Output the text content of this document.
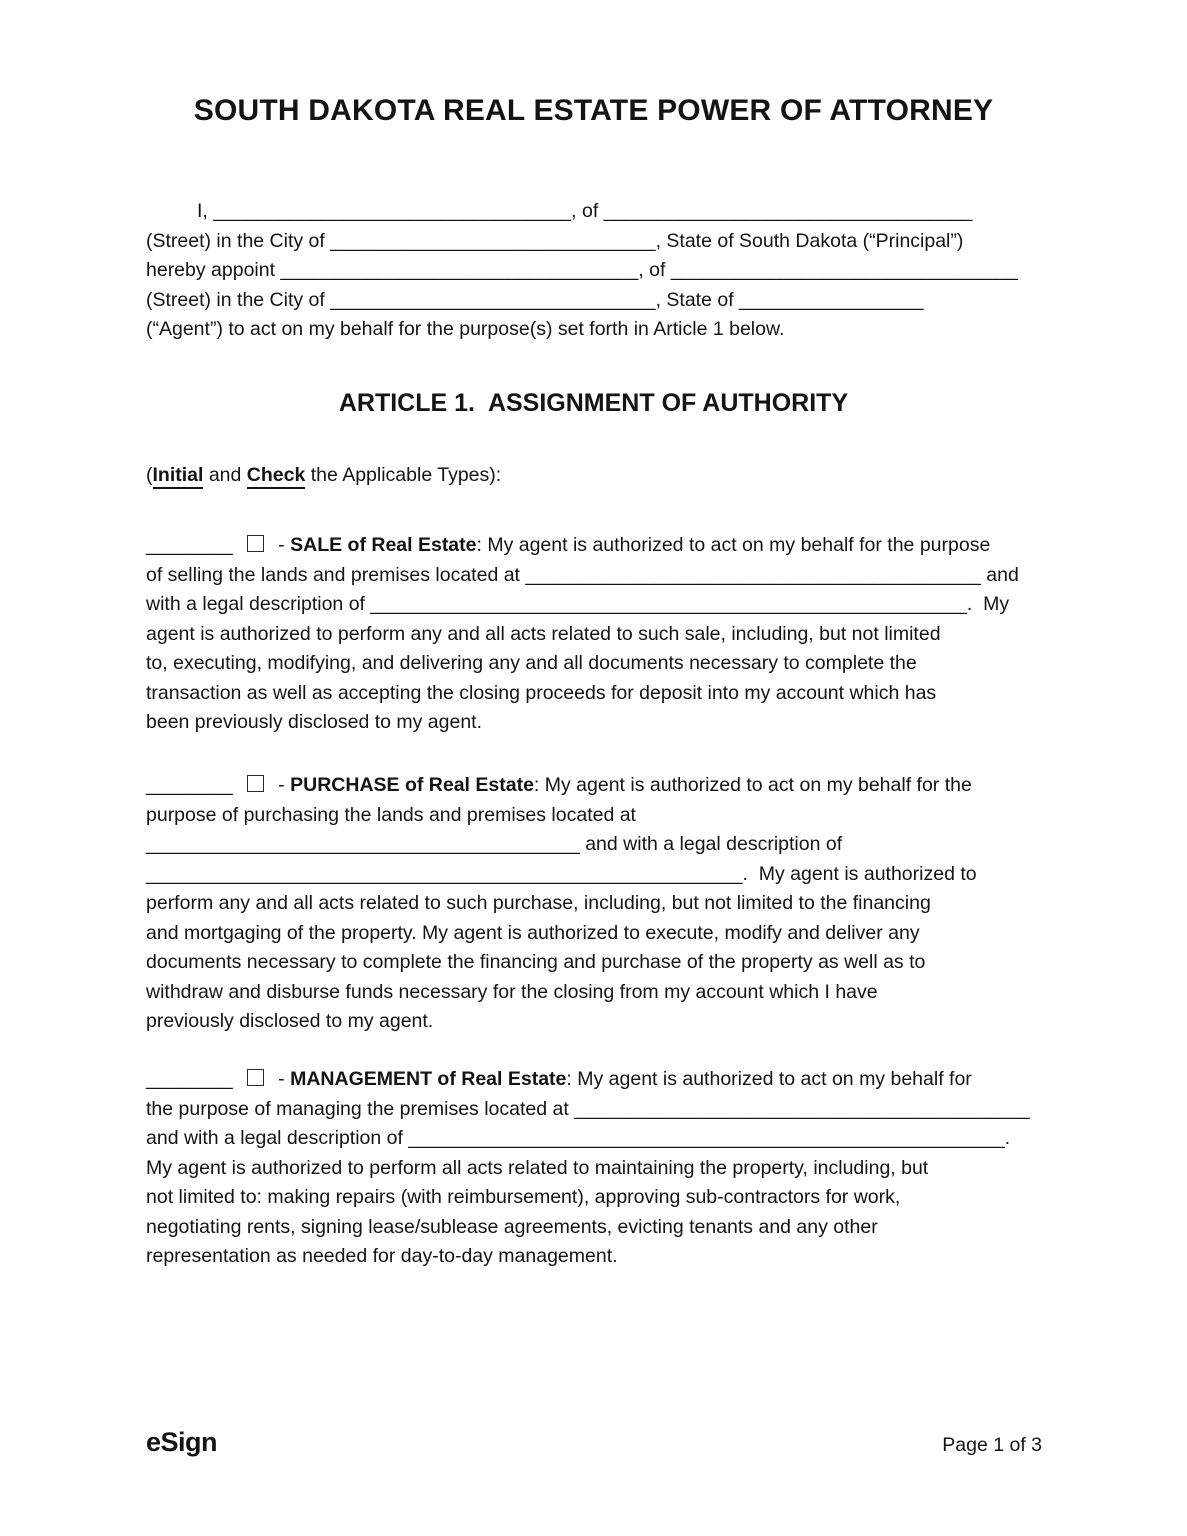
SOUTH DAKOTA REAL ESTATE POWER OF ATTORNEY
I, _________________________________, of __________________________________
(Street) in the City of ______________________________, State of South Dakota (“Principal”)
hereby appoint _________________________________, of ________________________________
(Street) in the City of ______________________________, State of _________________
(“Agent”) to act on my behalf for the purpose(s) set forth in Article 1 below.
ARTICLE 1.  ASSIGNMENT OF AUTHORITY
(Initial and Check the Applicable Types):
________ - SALE of Real Estate: My agent is authorized to act on my behalf for the purpose
of selling the lands and premises located at __________________________________________ and
with a legal description of _______________________________________________________.  My
agent is authorized to perform any and all acts related to such sale, including, but not limited
to, executing, modifying, and delivering any and all documents necessary to complete the
transaction as well as accepting the closing proceeds for deposit into my account which has
been previously disclosed to my agent.
________ - PURCHASE of Real Estate: My agent is authorized to act on my behalf for the
purpose of purchasing the lands and premises located at
________________________________________ and with a legal description of
_______________________________________________________.  My agent is authorized to
perform any and all acts related to such purchase, including, but not limited to the financing
and mortgaging of the property. My agent is authorized to execute, modify and deliver any
documents necessary to complete the financing and purchase of the property as well as to
withdraw and disburse funds necessary for the closing from my account which I have
previously disclosed to my agent.
________ - MANAGEMENT of Real Estate: My agent is authorized to act on my behalf for
the purpose of managing the premises located at __________________________________________
and with a legal description of _______________________________________________________.
My agent is authorized to perform all acts related to maintaining the property, including, but
not limited to: making repairs (with reimbursement), approving sub-contractors for work,
negotiating rents, signing lease/sublease agreements, evicting tenants and any other
representation as needed for day-to-day management.
eSign	Page 1 of 3
